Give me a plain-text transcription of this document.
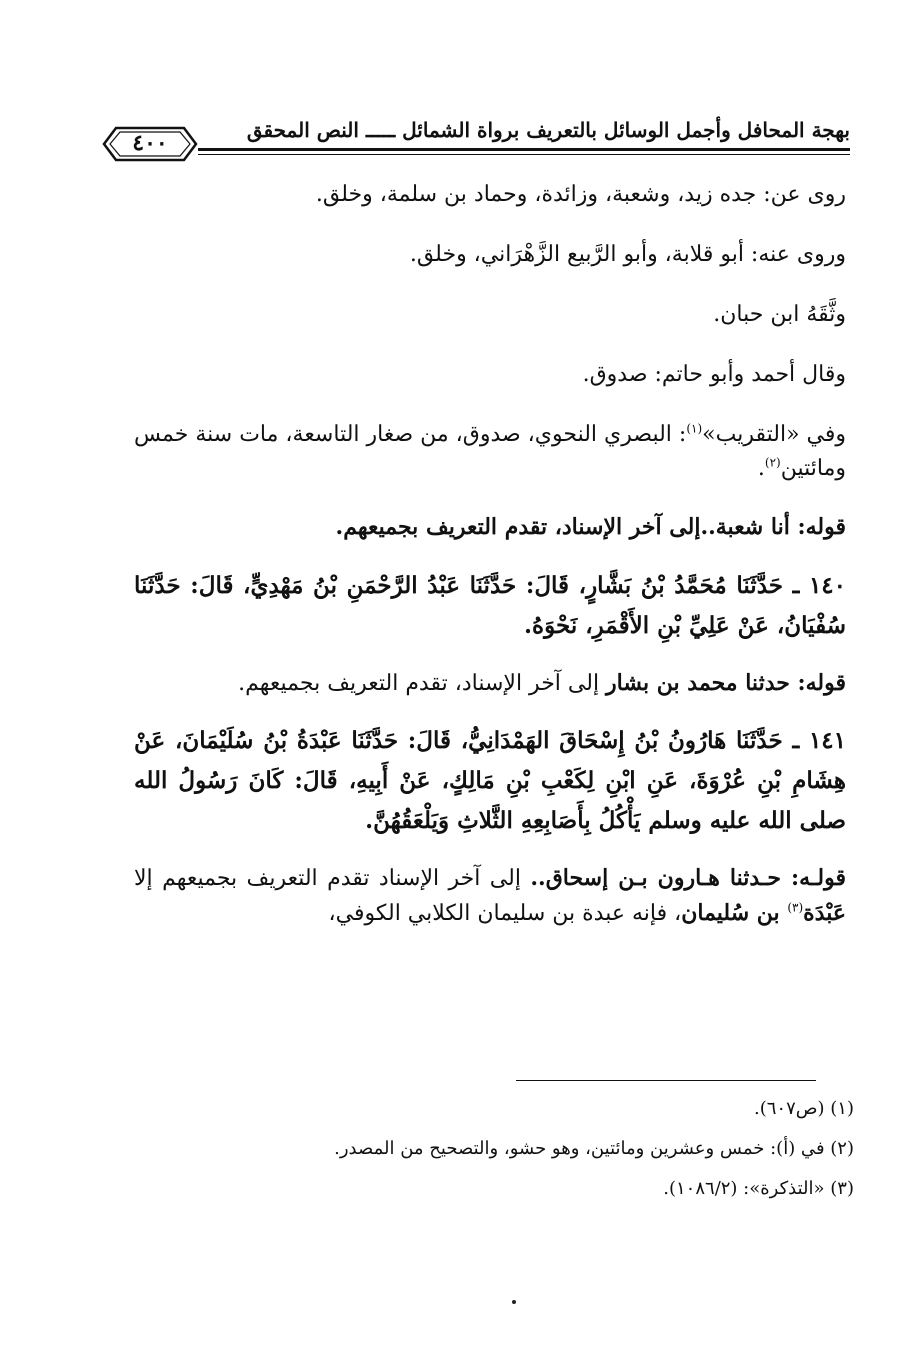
بهجة المحافل وأجمل الوسائل بالتعريف برواة الشمائل ـــــ النص المحقق
٤٠٠

روى عن: جده زيد، وشعبة، وزائدة، وحماد بن سلمة، وخلق.

وروى عنه: أبو قلابة، وأبو الرَّبيع الزَّهْرَاني، وخلق.

وثَّقَهُ ابن حبان.

وقال أحمد وأبو حاتم: صدوق.

وفي «التقريب»$^{(١)}$: البصري النحوي، صدوق، من صغار التاسعة، مات سنة خمس ومائتين$^{(٢)}$.

قوله: أنا شعبة..إلى آخر الإسناد، تقدم التعريف بجميعهم.

١٤٠ ـ حَدَّثَنَا مُحَمَّدُ بْنُ بَشَّارٍ، قَالَ: حَدَّثَنَا عَبْدُ الرَّحْمَنِ بْنُ مَهْدِيٍّ، قَالَ: حَدَّثَنَا سُفْيَانُ، عَنْ عَلِيِّ بْنِ الأَقْمَرِ، نَحْوَهُ.

قوله: حدثنا محمد بن بشار إلى آخر الإسناد، تقدم التعريف بجميعهم.

١٤١ ـ حَدَّثَنَا هَارُونُ بْنُ إِسْحَاقَ الهَمْدَانِيُّ، قَالَ: حَدَّثَنَا عَبْدَةُ بْنُ سُلَيْمَانَ، عَنْ هِشَامِ بْنِ عُرْوَةَ، عَنِ ابْنِ لِكَعْبِ بْنِ مَالِكٍ، عَنْ أَبِيهِ، قَالَ: كَانَ رَسُولُ الله صلى الله عليه وسلم يَأْكُلُ بِأَصَابِعِهِ الثَّلاثِ وَيَلْعَقُهُنَّ.

قولـه: حـدثنا هـارون بـن إسحاق.. إلى آخر الإسناد تقدم التعريف بجميعهم إلا عَبْدَة$^{(٣)}$ بن سُليمان، فإنه عبدة بن سليمان الكلابي الكوفي،

(١) (ص٦٠٧).

(٢) في (أ): خمس وعشرين ومائتين، وهو حشو، والتصحيح من المصدر.

(٣) «التذكرة»: (١٠٨٦/٢).
